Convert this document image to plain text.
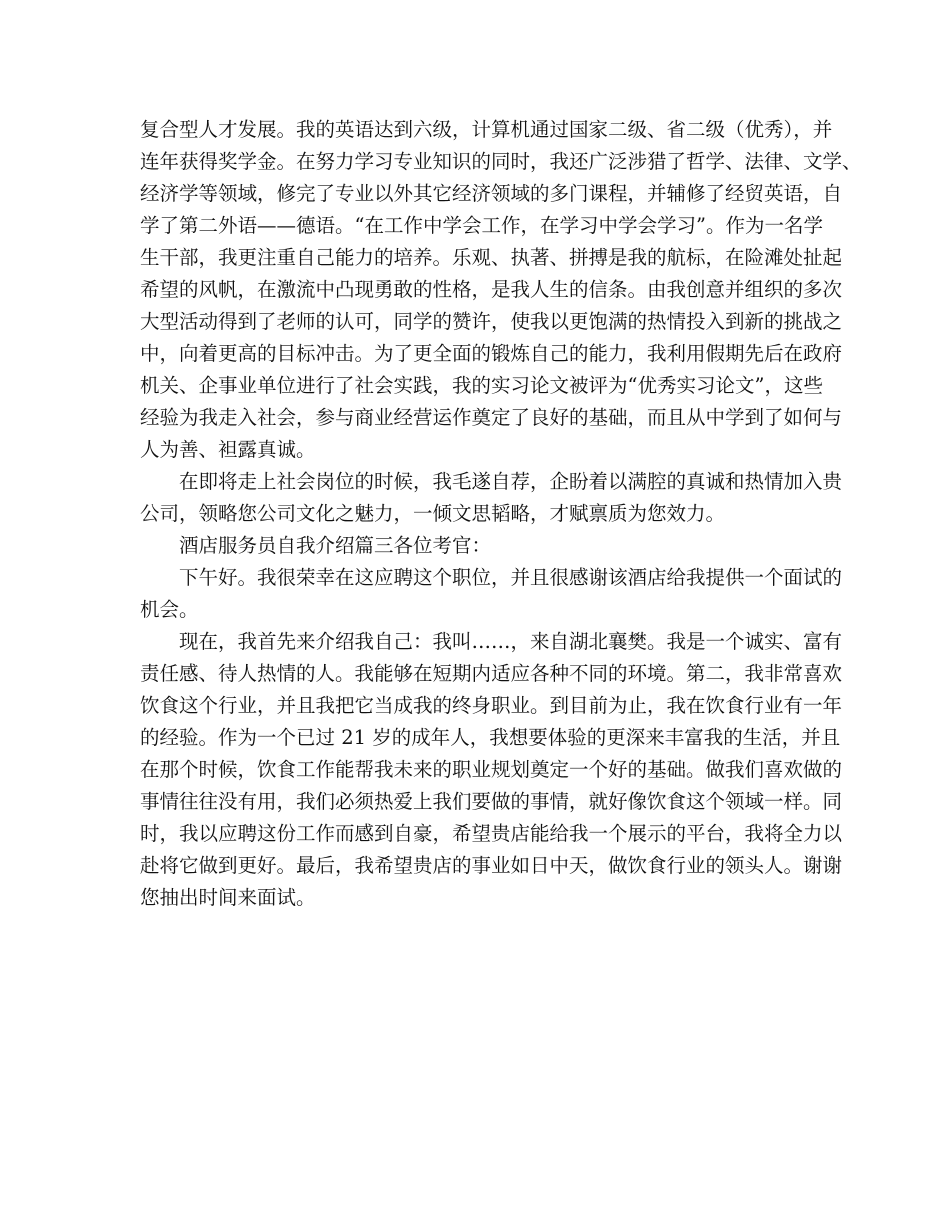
复合型人才发展。我的英语达到六级，计算机通过国家二级、省二级（优秀），并
连年获得奖学金。在努力学习专业知识的同时，我还广泛涉猎了哲学、法律、文学、
经济学等领域，修完了专业以外其它经济领域的多门课程，并辅修了经贸英语，自
学了第二外语——德语。“在工作中学会工作，在学习中学会学习”。作为一名学
生干部，我更注重自己能力的培养。乐观、执著、拼搏是我的航标，在险滩处扯起
希望的风帆，在激流中凸现勇敢的性格，是我人生的信条。由我创意并组织的多次
大型活动得到了老师的认可，同学的赞许，使我以更饱满的热情投入到新的挑战之
中，向着更高的目标冲击。为了更全面的锻炼自己的能力，我利用假期先后在政府
机关、企事业单位进行了社会实践，我的实习论文被评为“优秀实习论文”，这些
经验为我走入社会，参与商业经营运作奠定了良好的基础，而且从中学到了如何与
人为善、袒露真诚。
在即将走上社会岗位的时候，我毛遂自荐，企盼着以满腔的真诚和热情加入贵
公司，领略您公司文化之魅力，一倾文思韬略，才赋禀质为您效力。
酒店服务员自我介绍篇三各位考官：
下午好。我很荣幸在这应聘这个职位，并且很感谢该酒店给我提供一个面试的
机会。
现在，我首先来介绍我自己：我叫……，来自湖北襄樊。我是一个诚实、富有
责任感、待人热情的人。我能够在短期内适应各种不同的环境。第二，我非常喜欢
饮食这个行业，并且我把它当成我的终身职业。到目前为止，我在饮食行业有一年
的经验。作为一个已过 21 岁的成年人，我想要体验的更深来丰富我的生活，并且
在那个时候，饮食工作能帮我未来的职业规划奠定一个好的基础。做我们喜欢做的
事情往往没有用，我们必须热爱上我们要做的事情，就好像饮食这个领域一样。同
时，我以应聘这份工作而感到自豪，希望贵店能给我一个展示的平台，我将全力以
赴将它做到更好。最后，我希望贵店的事业如日中天，做饮食行业的领头人。谢谢
您抽出时间来面试。
